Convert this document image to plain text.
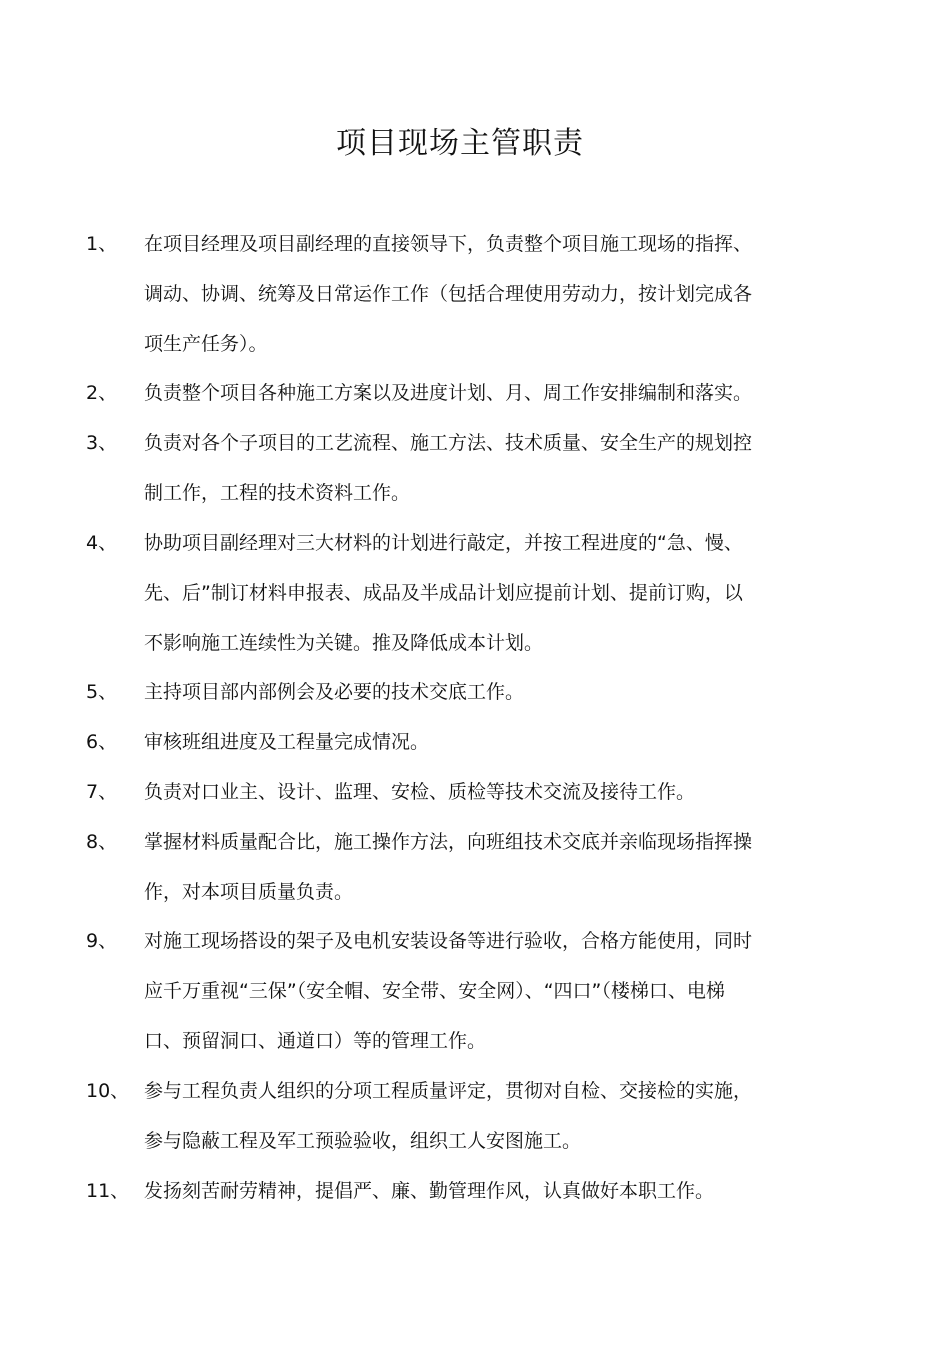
项目现场主管职责
1、 在项目经理及项目副经理的直接领导下，负责整个项目施工现场的指挥、
调动、协调、统筹及日常运作工作（包括合理使用劳动力，按计划完成各
项生产任务）。
2、 负责整个项目各种施工方案以及进度计划、月、周工作安排编制和落实。
3、 负责对各个子项目的工艺流程、施工方法、技术质量、安全生产的规划控
制工作，工程的技术资料工作。
4、 协助项目副经理对三大材料的计划进行敲定，并按工程进度的“急、慢、
先、后”制订材料申报表、成品及半成品计划应提前计划、提前订购，以
不影响施工连续性为关键。推及降低成本计划。
5、 主持项目部内部例会及必要的技术交底工作。
6、 审核班组进度及工程量完成情况。
7、 负责对口业主、设计、监理、安检、质检等技术交流及接待工作。
8、 掌握材料质量配合比，施工操作方法，向班组技术交底并亲临现场指挥操
作，对本项目质量负责。
9、 对施工现场搭设的架子及电机安装设备等进行验收，合格方能使用，同时
应千万重视“三保”（安全帽、安全带、安全网）、“四口”（楼梯口、电梯
口、预留洞口、通道口）等的管理工作。
10、 参与工程负责人组织的分项工程质量评定，贯彻对自检、交接检的实施，
参与隐蔽工程及军工预验验收，组织工人安图施工。
11、 发扬刻苦耐劳精神，提倡严、廉、勤管理作风，认真做好本职工作。
